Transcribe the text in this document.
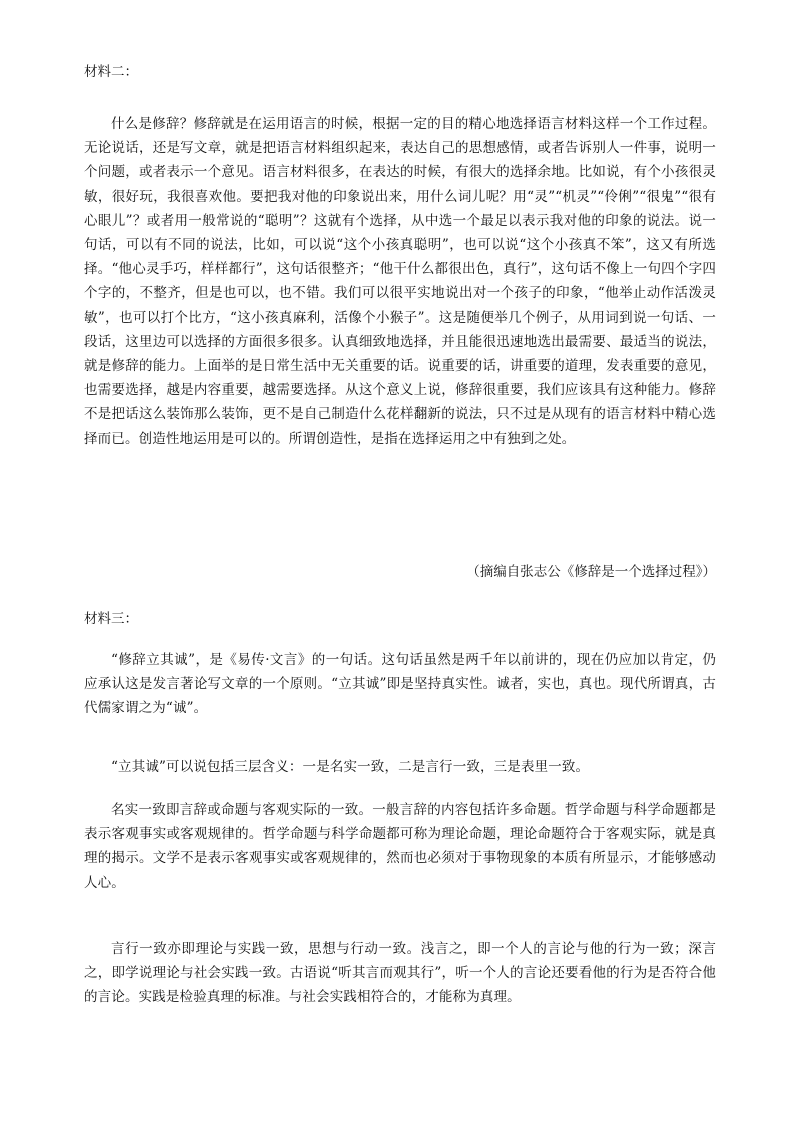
材料二：

什么是修辞？修辞就是在运用语言的时候，根据一定的目的精心地选择语言材料这样一个工作过程。无论说话，还是写文章，就是把语言材料组织起来，表达自己的思想感情，或者告诉别人一件事，说明一个问题，或者表示一个意见。语言材料很多，在表达的时候，有很大的选择余地。比如说，有个小孩很灵敏，很好玩，我很喜欢他。要把我对他的印象说出来，用什么词儿呢？用“灵”“机灵”“伶俐”“很鬼”“很有心眼儿”？或者用一般常说的“聪明”？这就有个选择，从中选一个最足以表示我对他的印象的说法。说一句话，可以有不同的说法，比如，可以说“这个小孩真聪明”，也可以说“这个小孩真不笨”，这又有所选择。“他心灵手巧，样样都行”，这句话很整齐；“他干什么都很出色，真行”，这句话不像上一句四个字四个字的，不整齐，但是也可以，也不错。我们可以很平实地说出对一个孩子的印象，“他举止动作活泼灵敏”，也可以打个比方，“这小孩真麻利，活像个小猴子”。这是随便举几个例子，从用词到说一句话、一段话，这里边可以选择的方面很多很多。认真细致地选择，并且能很迅速地选出最需要、最适当的说法，就是修辞的能力。上面举的是日常生活中无关重要的话。说重要的话，讲重要的道理，发表重要的意见，也需要选择，越是内容重要，越需要选择。从这个意义上说，修辞很重要，我们应该具有这种能力。修辞不是把话这么装饰那么装饰，更不是自己制造什么花样翻新的说法，只不过是从现有的语言材料中精心选择而已。创造性地运用是可以的。所谓创造性，是指在选择运用之中有独到之处。

（摘编自张志公《修辞是一个选择过程》）

材料三：

“修辞立其诚”，是《易传·文言》的一句话。这句话虽然是两千年以前讲的，现在仍应加以肯定，仍应承认这是发言著论写文章的一个原则。“立其诚”即是坚持真实性。诚者，实也，真也。现代所谓真，古代儒家谓之为“诚”。

“立其诚”可以说包括三层含义：一是名实一致，二是言行一致，三是表里一致。

名实一致即言辞或命题与客观实际的一致。一般言辞的内容包括许多命题。哲学命题与科学命题都是表示客观事实或客观规律的。哲学命题与科学命题都可称为理论命题，理论命题符合于客观实际，就是真理的揭示。文学不是表示客观事实或客观规律的，然而也必须对于事物现象的本质有所显示，才能够感动人心。

言行一致亦即理论与实践一致，思想与行动一致。浅言之，即一个人的言论与他的行为一致；深言之，即学说理论与社会实践一致。古语说“听其言而观其行”，听一个人的言论还要看他的行为是否符合他的言论。实践是检验真理的标准。与社会实践相符合的，才能称为真理。
